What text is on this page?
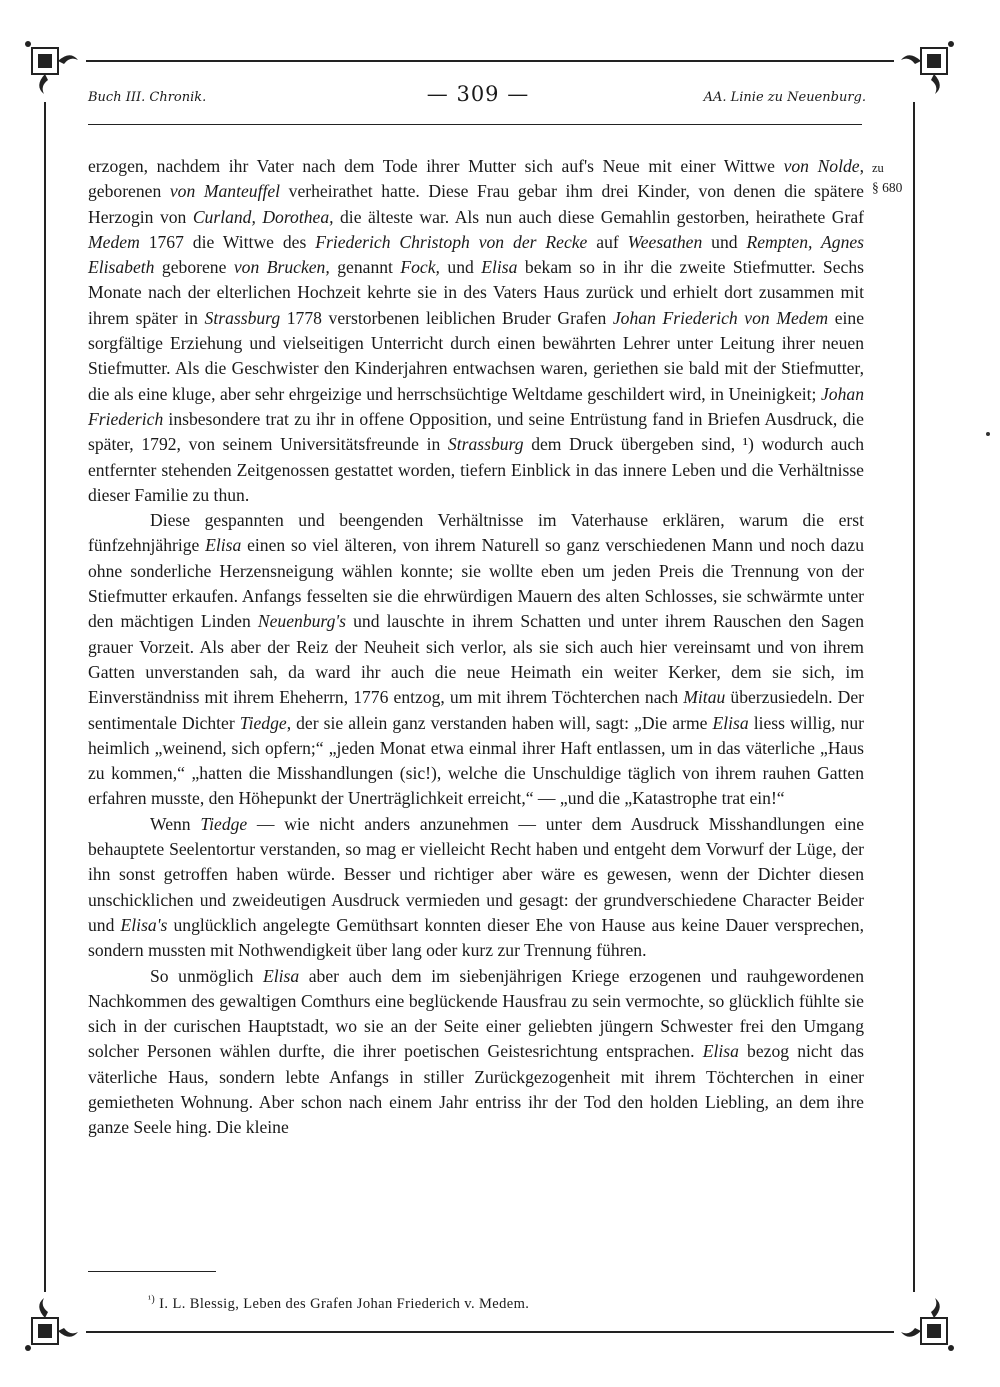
Buch III. Chronik.	— 309 —	AA. Linie zu Neuenburg.
zu
§ 680

erzogen, nachdem ihr Vater nach dem Tode ihrer Mutter sich auf's Neue mit einer Wittwe von Nolde, geborenen von Manteuffel verheirathet hatte. Diese Frau gebar ihm drei Kinder, von denen die spätere Herzogin von Curland, Dorothea, die älteste war. Als nun auch diese Gemahlin gestorben, heirathete Graf Medem 1767 die Wittwe des Friederich Christoph von der Recke auf Weesathen und Rempten, Agnes Elisabeth geborene von Brucken, genannt Fock, und Elisa bekam so in ihr die zweite Stiefmutter. Sechs Monate nach der elterlichen Hochzeit kehrte sie in des Vaters Haus zurück und erhielt dort zusammen mit ihrem später in Strassburg 1778 verstorbenen leiblichen Bruder Grafen Johan Friederich von Medem eine sorgfältige Erziehung und vielseitigen Unterricht durch einen bewährten Lehrer unter Leitung ihrer neuen Stiefmutter. Als die Geschwister den Kinderjahren entwachsen waren, geriethen sie bald mit der Stiefmutter, die als eine kluge, aber sehr ehrgeizige und herrschsüchtige Weltdame geschildert wird, in Uneinigkeit; Johan Friederich insbesondere trat zu ihr in offene Opposition, und seine Entrüstung fand in Briefen Ausdruck, die später, 1792, von seinem Universitätsfreunde in Strassburg dem Druck übergeben sind, ¹) wodurch auch entfernter stehenden Zeitgenossen gestattet worden, tiefern Einblick in das innere Leben und die Verhältnisse dieser Familie zu thun.

Diese gespannten und beengenden Verhältnisse im Vaterhause erklären, warum die erst fünfzehnjährige Elisa einen so viel älteren, von ihrem Naturell so ganz verschiedenen Mann und noch dazu ohne sonderliche Herzensneigung wählen konnte; sie wollte eben um jeden Preis die Trennung von der Stiefmutter erkaufen. Anfangs fesselten sie die ehrwürdigen Mauern des alten Schlosses, sie schwärmte unter den mächtigen Linden Neuenburg's und lauschte in ihrem Schatten und unter ihrem Rauschen den Sagen grauer Vorzeit. Als aber der Reiz der Neuheit sich verlor, als sie sich auch hier vereinsamt und von ihrem Gatten unverstanden sah, da ward ihr auch die neue Heimath ein weiter Kerker, dem sie sich, im Einverständniss mit ihrem Eheherrn, 1776 entzog, um mit ihrem Töchterchen nach Mitau überzusiedeln. Der sentimentale Dichter Tiedge, der sie allein ganz verstanden haben will, sagt: „Die arme Elisa liess willig, nur heimlich „weinend, sich opfern;“ „jeden Monat etwa einmal ihrer Haft entlassen, um in das väterliche „Haus zu kommen,“ „hatten die Misshandlungen (sic!), welche die Unschuldige täglich von ihrem rauhen Gatten erfahren musste, den Höhepunkt der Unerträglichkeit erreicht,“ — „und die „Katastrophe trat ein!“

Wenn Tiedge — wie nicht anders anzunehmen — unter dem Ausdruck Misshandlungen eine behauptete Seelentortur verstanden, so mag er vielleicht Recht haben und entgeht dem Vorwurf der Lüge, der ihn sonst getroffen haben würde. Besser und richtiger aber wäre es gewesen, wenn der Dichter diesen unschicklichen und zweideutigen Ausdruck vermieden und gesagt: der grundverschiedene Character Beider und Elisa's unglücklich angelegte Gemüthsart konnten dieser Ehe von Hause aus keine Dauer versprechen, sondern mussten mit Nothwendigkeit über lang oder kurz zur Trennung führen.

So unmöglich Elisa aber auch dem im siebenjährigen Kriege erzogenen und rauhgewordenen Nachkommen des gewaltigen Comthurs eine beglückende Hausfrau zu sein vermochte, so glücklich fühlte sie sich in der curischen Hauptstadt, wo sie an der Seite einer geliebten jüngern Schwester frei den Umgang solcher Personen wählen durfte, die ihrer poetischen Geistesrichtung entsprachen. Elisa bezog nicht das väterliche Haus, sondern lebte Anfangs in stiller Zurückgezogenheit mit ihrem Töchterchen in einer gemietheten Wohnung. Aber schon nach einem Jahr entriss ihr der Tod den holden Liebling, an dem ihre ganze Seele hing. Die kleine

$^{^1)}$ I. L. Blessig, Leben des Grafen Johan Friederich v. Medem.
